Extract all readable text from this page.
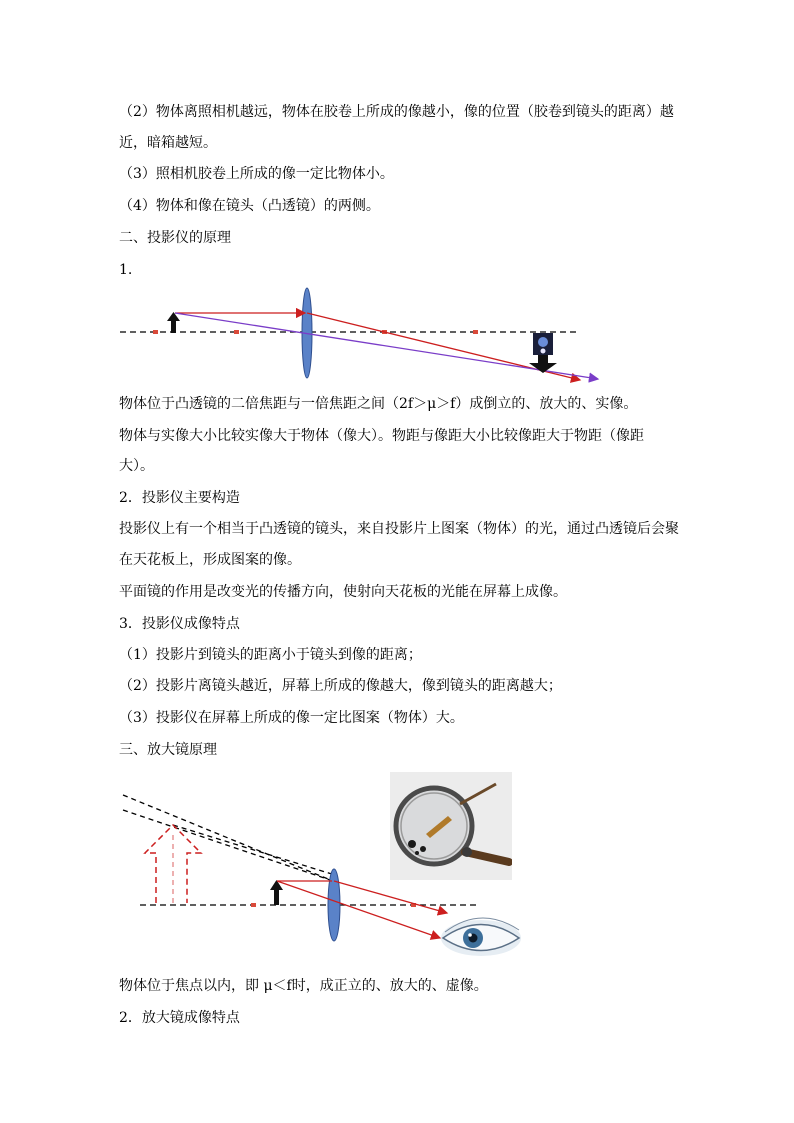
（2）物体离照相机越远，物体在胶卷上所成的像越小，像的位置（胶卷到镜头的距离）越
近，暗箱越短。
（3）照相机胶卷上所成的像一定比物体小。
（4）物体和像在镜头（凸透镜）的两侧。
二、投影仪的原理
1.
物体位于凸透镜的二倍焦距与一倍焦距之间（2f＞μ＞f）成倒立的、放大的、实像。
物体与实像大小比较实像大于物体（像大）。物距与像距大小比较像距大于物距（像距
大）。
2．投影仪主要构造
投影仪上有一个相当于凸透镜的镜头，来自投影片上图案（物体）的光，通过凸透镜后会聚
在天花板上，形成图案的像。
平面镜的作用是改变光的传播方向，使射向天花板的光能在屏幕上成像。
3．投影仪成像特点
（1）投影片到镜头的距离小于镜头到像的距离；
（2）投影片离镜头越近，屏幕上所成的像越大，像到镜头的距离越大；
（3）投影仪在屏幕上所成的像一定比图案（物体）大。
三、放大镜原理
物体位于焦点以内，即 μ＜f时，成正立的、放大的、虚像。
2．放大镜成像特点
